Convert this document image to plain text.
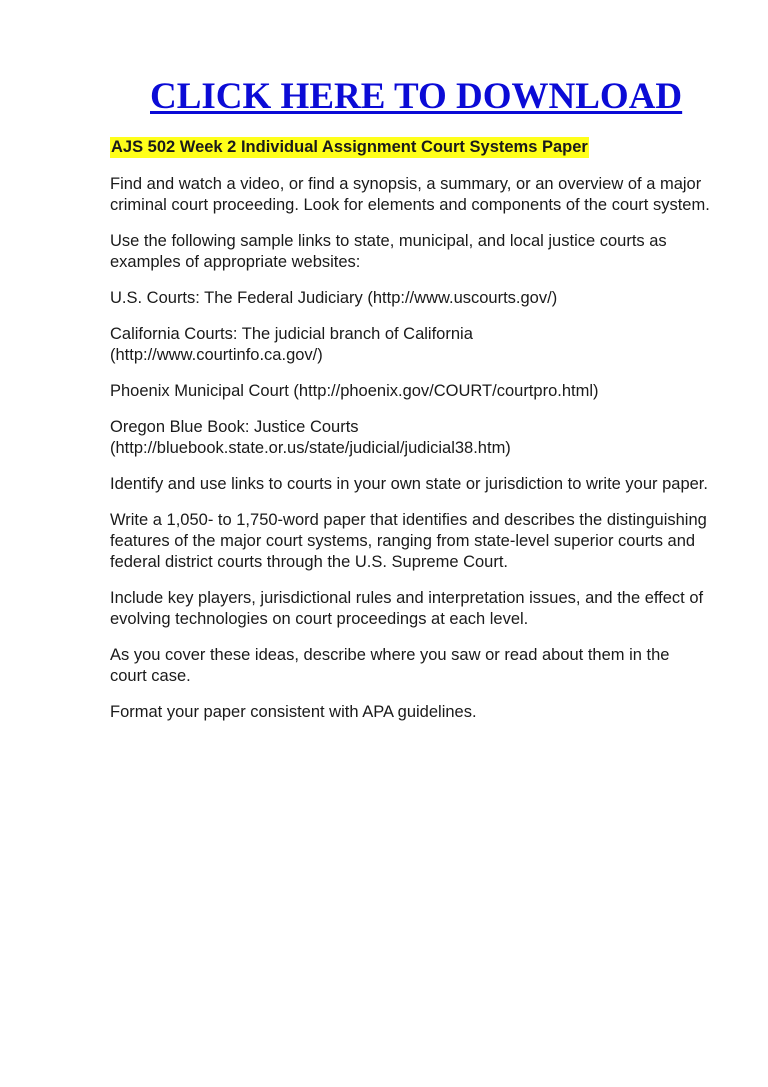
CLICK HERE TO DOWNLOAD

AJS 502 Week 2 Individual Assignment Court Systems Paper

Find and watch a video, or find a synopsis, a summary, or an overview of a major criminal court proceeding. Look for elements and components of the court system.

Use the following sample links to state, municipal, and local justice courts as examples of appropriate websites:

U.S. Courts: The Federal Judiciary (http://www.uscourts.gov/)

California Courts: The judicial branch of California
(http://www.courtinfo.ca.gov/)

Phoenix Municipal Court (http://phoenix.gov/COURT/courtpro.html)

Oregon Blue Book: Justice Courts
(http://bluebook.state.or.us/state/judicial/judicial38.htm)

Identify and use links to courts in your own state or jurisdiction to write your paper.

Write a 1,050- to 1,750-word paper that identifies and describes the distinguishing features of the major court systems, ranging from state-level superior courts and federal district courts through the U.S. Supreme Court.

Include key players, jurisdictional rules and interpretation issues, and the effect of evolving technologies on court proceedings at each level.

As you cover these ideas, describe where you saw or read about them in the court case.

Format your paper consistent with APA guidelines.
